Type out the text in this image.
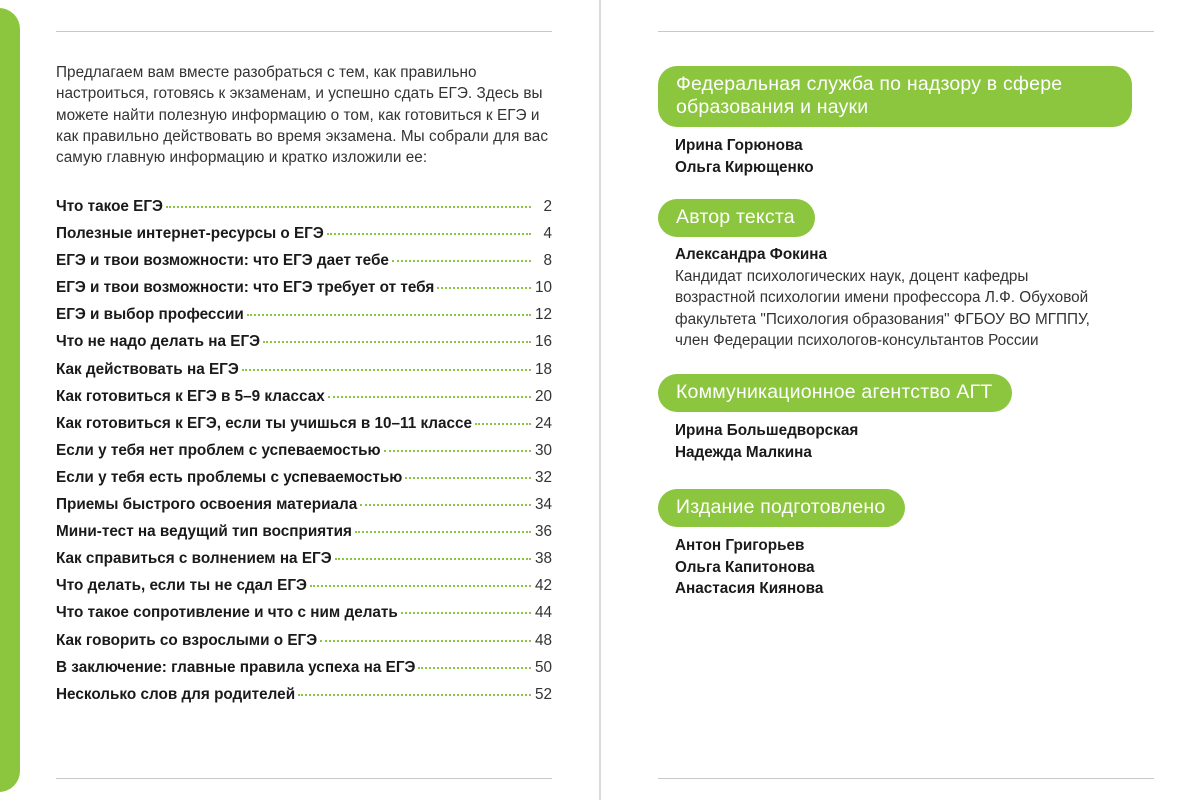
Предлагаем вам вместе разобраться с тем, как правильно настроиться, готовясь к экзаменам, и успешно сдать ЕГЭ. Здесь вы можете найти полезную информацию о том, как готовиться к ЕГЭ и как правильно действовать во время экзамена. Мы собрали для вас самую главную информацию и кратко изложили ее:

Что такое ЕГЭ	2
Полезные интернет-ресурсы о ЕГЭ	4
ЕГЭ и твои возможности: что ЕГЭ дает тебе	8
ЕГЭ и твои возможности: что ЕГЭ требует от тебя	10
ЕГЭ и выбор профессии	12
Что не надо делать на ЕГЭ	16
Как действовать на ЕГЭ	18
Как готовиться к ЕГЭ в 5–9 классах	20
Как готовиться к ЕГЭ, если ты учишься в 10–11 классе	24
Если у тебя нет проблем с успеваемостью	30
Если у тебя есть проблемы с успеваемостью	32
Приемы быстрого освоения материала	34
Мини-тест на ведущий тип восприятия	36
Как справиться с волнением на ЕГЭ	38
Что делать, если ты не сдал ЕГЭ	42
Что такое сопротивление и что с ним делать	44
Как говорить со взрослыми о ЕГЭ	48
В заключение: главные правила успеха на ЕГЭ	50
Несколько слов для родителей	52
Федеральная служба по надзору в сфере
образования и науки
Ирина Горюнова
Ольга Кирющенко
Автор текста
Александра Фокина
Кандидат психологических наук, доцент кафедры
возрастной психологии имени профессора Л.Ф. Обуховой
факультета "Психология образования" ФГБОУ ВО МГППУ,
член Федерации психологов-консультантов России
Коммуникационное агентство АГТ
Ирина Большедворская
Надежда Малкина
Издание подготовлено
Антон Григорьев
Ольга Капитонова
Анастасия Киянова
